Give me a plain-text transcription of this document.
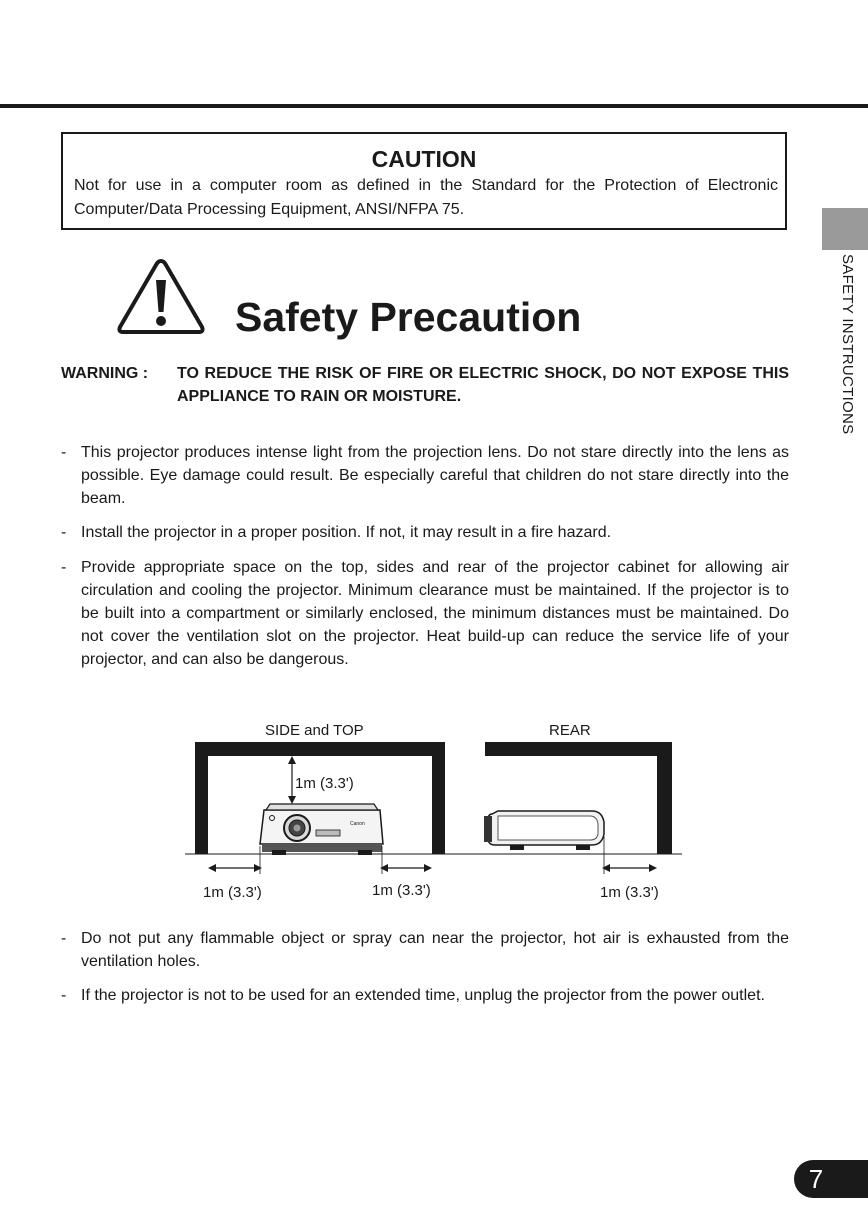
CAUTION
Not for use in a computer room as defined in the Standard for the Protection of Electronic Computer/Data Processing Equipment, ANSI/NFPA 75.
SAFETY INSTRUCTIONS
Safety Precaution
WARNING : TO REDUCE THE RISK OF FIRE OR ELECTRIC SHOCK, DO NOT EXPOSE THIS APPLIANCE TO RAIN OR MOISTURE.
- This projector produces intense light from the projection lens. Do not stare directly into the lens as possible. Eye damage could result. Be especially careful that children do not stare directly into the beam.
- Install the projector in a proper position. If not, it may result in a fire hazard.
- Provide appropriate space on the top, sides and rear of the projector cabinet for allowing air circulation and cooling the projector. Minimum clearance must be maintained. If the projector is to be built into a compartment or similarly enclosed, the minimum distances must be maintained. Do not cover the ventilation slot on the projector. Heat build-up can reduce the service life of your projector, and can also be dangerous.
- Do not put any flammable object or spray can near the projector, hot air is exhausted from the ventilation holes.
- If the projector is not to be used for an extended time, unplug the projector from the power outlet.
Canon
SIDE and TOP	REAR
1m (3.3')
1m (3.3')	1m (3.3')	1m (3.3')
7
